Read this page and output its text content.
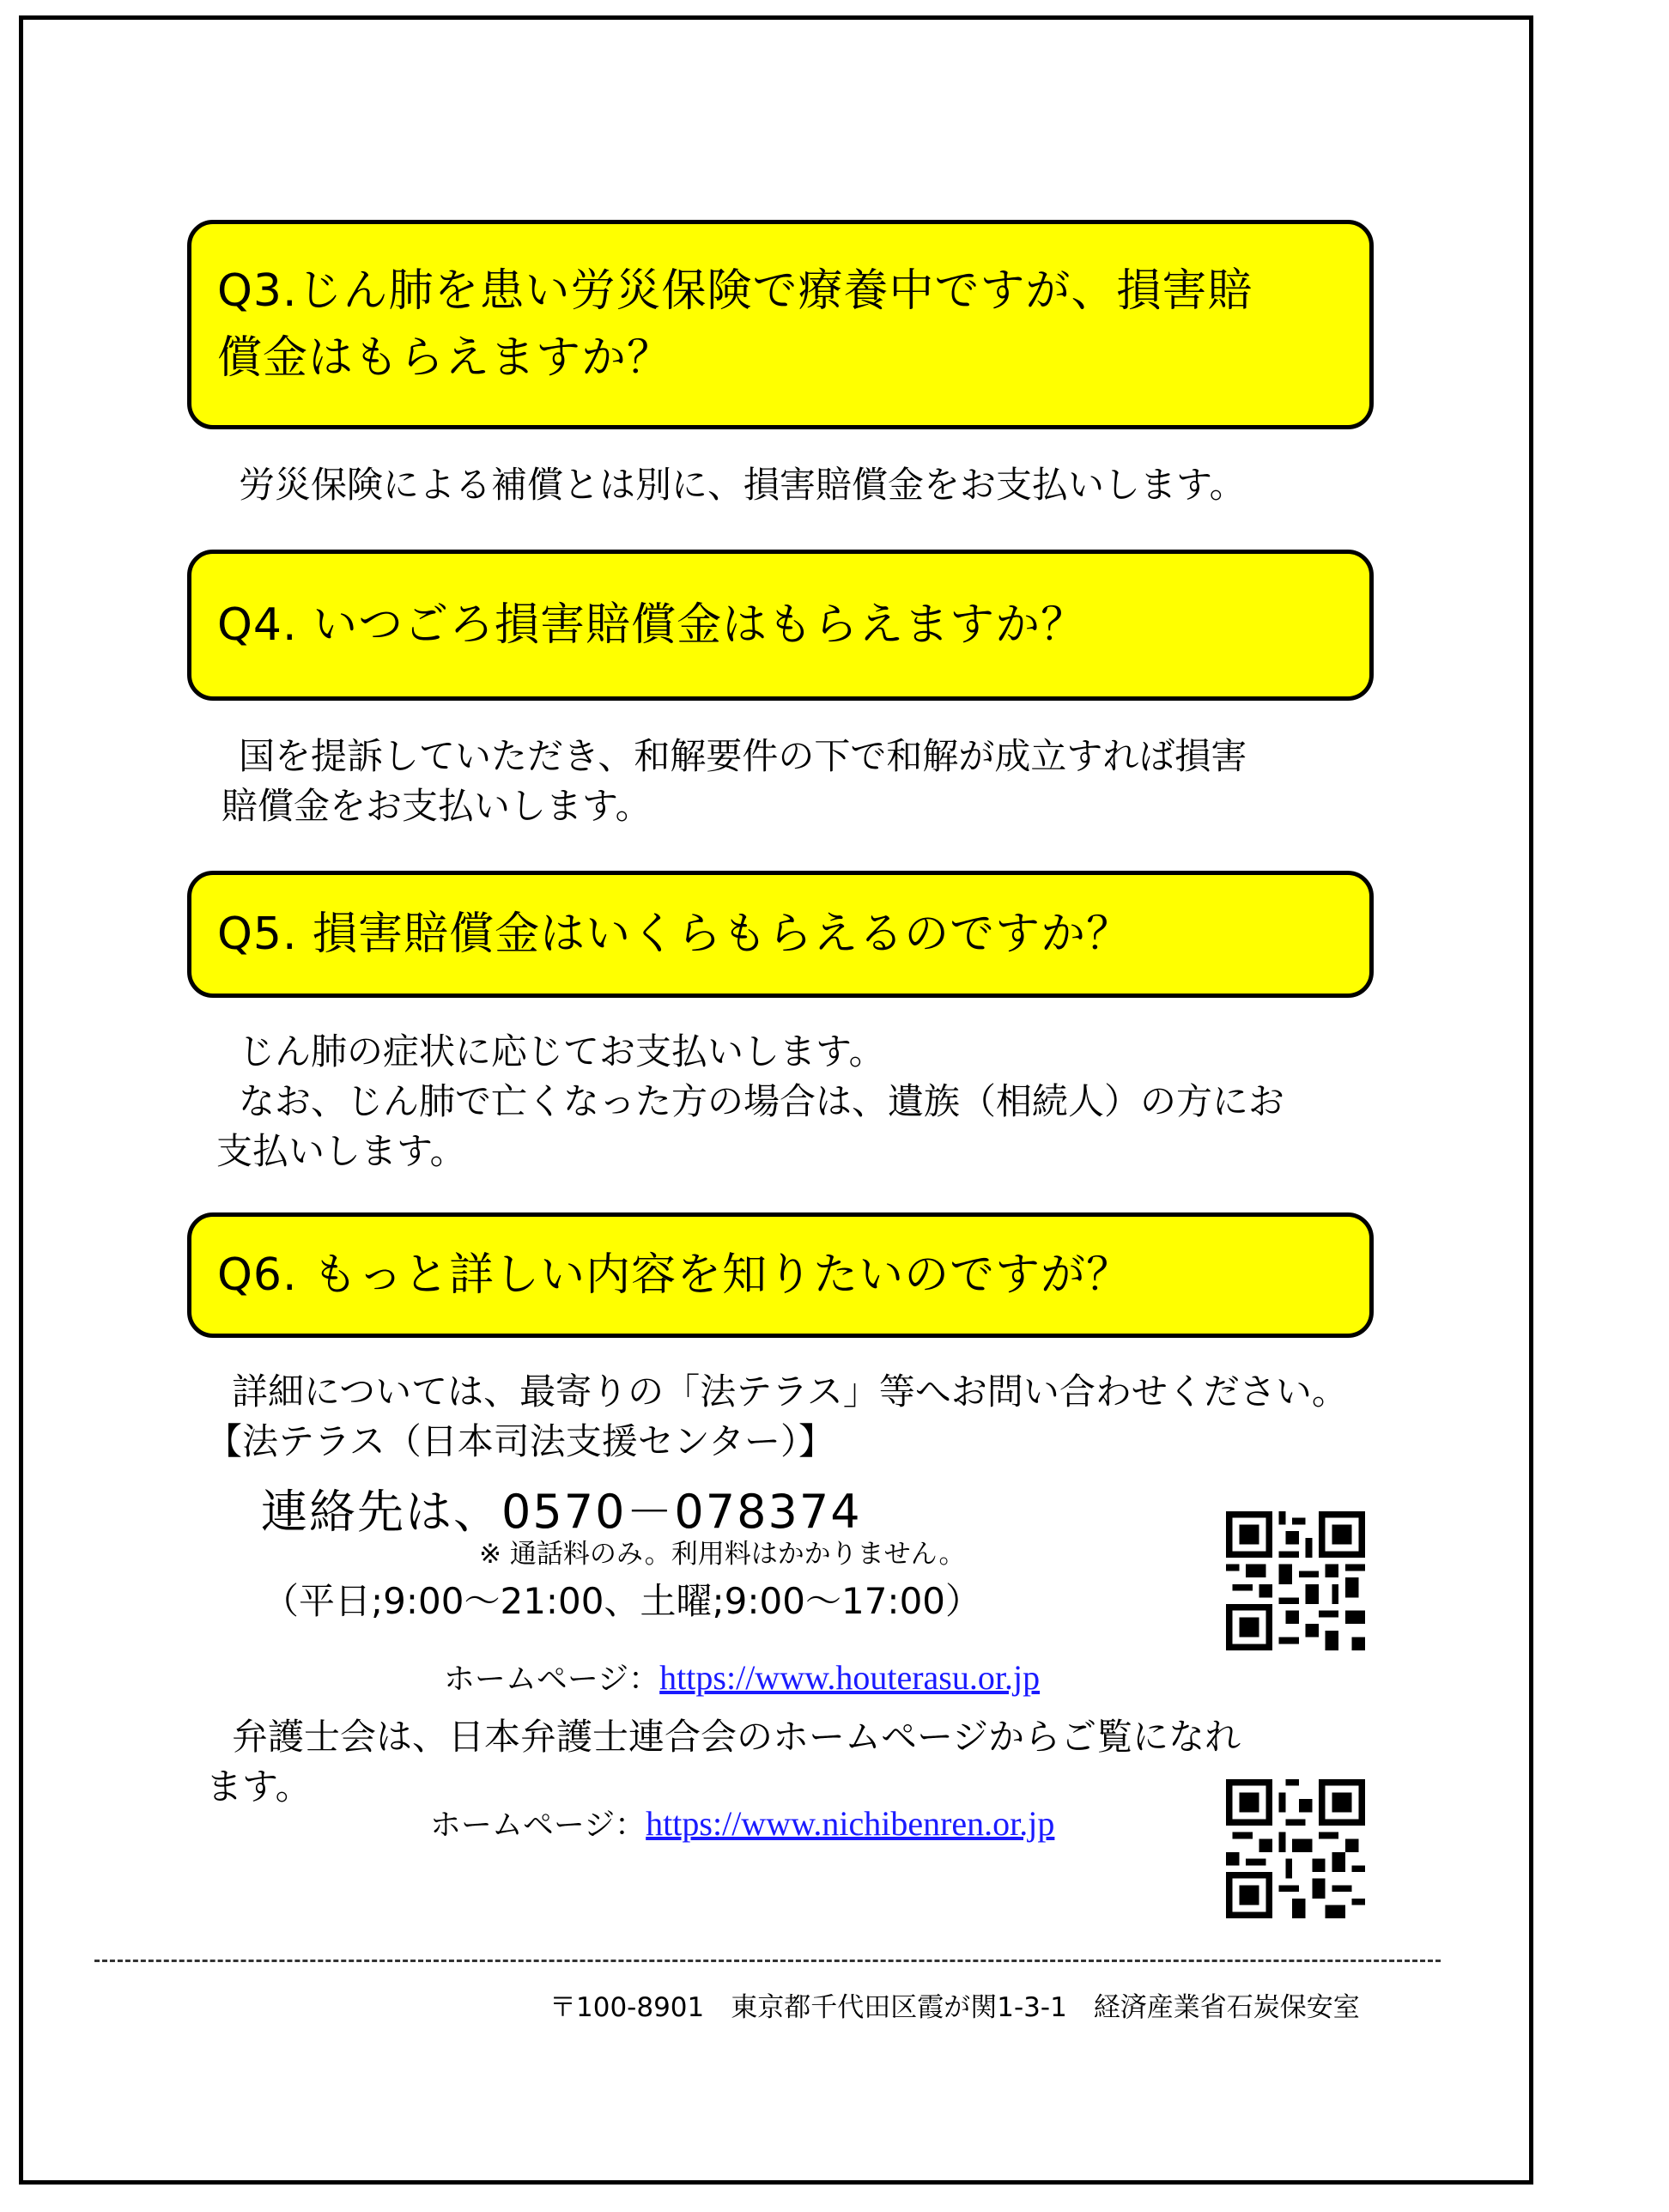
Q3.じん肺を患い労災保険で療養中ですが、損害賠
償金はもらえますか？
労災保険による補償とは別に、損害賠償金をお支払いします。
Q4. いつごろ損害賠償金はもらえますか？
国を提訴していただき、和解要件の下で和解が成立すれば損害
賠償金をお支払いします。
Q5. 損害賠償金はいくらもらえるのですか？
じん肺の症状に応じてお支払いします。
なお、じん肺で亡くなった方の場合は、遺族（相続人）の方にお
支払いします。
Q6. もっと詳しい内容を知りたいのですが？
詳細については、最寄りの「法テラス」等へお問い合わせください。
【法テラス（日本司法支援センター）】
連絡先は、0570－078374
※ 通話料のみ。利用料はかかりません。
（平日;9:00～21:00、土曜;9:00～17:00）

ホームページ：https://www.houterasu.or.jp

弁護士会は、日本弁護士連合会のホームページからご覧になれ
ます。

ホームページ：https://www.nichibenren.or.jp

〒100-8901　東京都千代田区霞が関1-3-1　経済産業省石炭保安室
